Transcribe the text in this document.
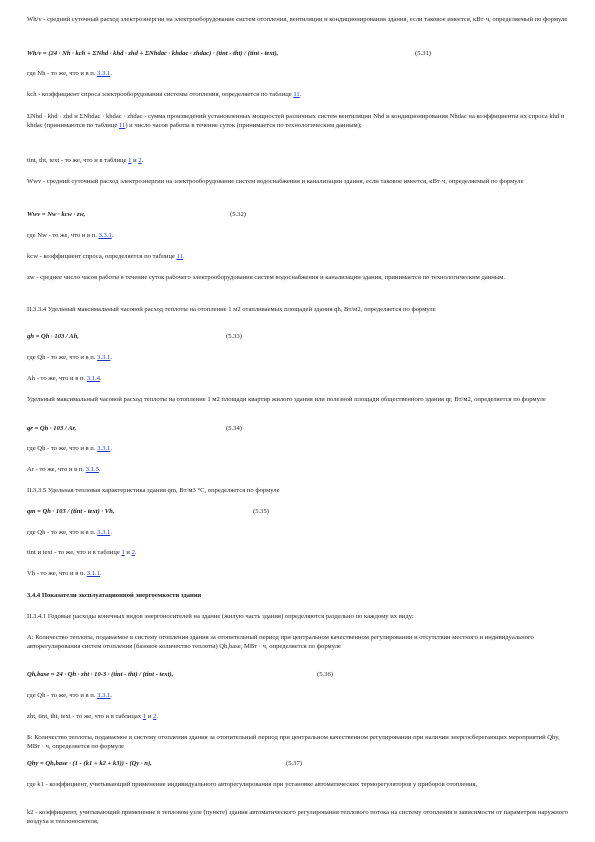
Wh/v - средний суточный расход электроэнергии на электрооборудование систем отопления, вентиляции и кондиционирования здания, если таковое имеется, кВт·ч, определяемый по формуле

Wh/v = (24 · Nh · kch + ΣNhd · khd · zhd + ΣNhdac · khdac · zhdac) · (tint - tht) / (tint - text),	(5.31)

где Nh - то же, что и в п. 3.3.1.

kch - коэффициент спроса электрооборудования системы отопления, определяется по таблице 11.

ΣNhd · khd · zhd и ΣNhdac · khdac · zhdac - сумма произведений установленных мощностей различных систем вентиляции Nhd и кондиционирования Nhdac на коэффициенты их спроса khd и khdac (принимаются по таблице 11) и число часов работы в течение суток (принимается по технологическим данным);

tint, tht, text - то же, что и в таблице 1 и 2.

Wwv - средний суточный расход электроэнергии на электрооборудование систем водоснабжения и канализации здания, если таковое имеется, кВт·ч, определяемый по формуле

Wwv = Nw · kcw · zw,	(5.32)

где Nw - то же, что и в п. 3.3.1.

kcw - коэффициент спроса, определяется по таблице 11.

zw - среднее число часов работы в течение суток рабочего электрооборудования систем водоснабжения и канализации здания, принимается по технологическим данным.

II.3.3.4 Удельный максимальный часовой расход теплоты на отопление 1 м2 отапливаемых площадей здания qh, Вт/м2, определяется по формуле

qh = Qh · 103 / Ah,	(5.33)

где Qh - то же, что и в п. 3.3.1.

Ah - то же, что и в п. 3.1.4.

Удельный максимальный часовой расход теплоты на отопление 1 м2 площади квартир жилого здания или полезной площади общественного здания qr, Вт/м2, определяется по формуле

qr = Qh · 103 / Ar,	(5.34)

где Qh - то же, что и в п. 3.3.1.

Ar - то же, что и в п. 3.1.5.

II.3.3.5 Удельная тепловая характеристика здания qm, Вт/м3 °С, определяется по формуле

qm = Qh · 103 / (tint - text) · Vh,	(5.35)

где Qh - то же, что и в п. 3.3.1.

tint и text - то же, что и в таблице 1 и 2.

Vh - то же, что и в п. 3.1.1.

3.4.4 Показатели эксплуатационной энергоемкости здания

II.3.4.1 Годовые расходы конечных видов энергоносителей на здание (жилую часть здания) определяются раздельно по каждому их виду:

А: Количество теплоты, подаваемое в систему отопления здания за отопительный период при центральном качественном регулировании и отсутствии местного и индивидуального авторегулирования систем отопления (базовое количество теплоты) Qh,base, МВт · ч, определяется по формуле

Qh,base = 24 · Qh · zht · 10-3 · (tint - tht) / (tint - text),	(5.36)

где Qh - то же, что и в п. 3.3.1.

zht, tint, tht, text - то же, что и в таблицах 1 и 2.

Б: Количество теплоты, подаваемое в систему отопления здания за отопительный период при центральном качественном регулировании при наличии энергосберегающих мероприятий Qhy, МВт · ч, определяется по формуле

Qhy = Qh,base · (1 - (k1 + k2 + k3)) - (Qy · n),	(5.37)

где k1 - коэффициент, учитывающий применение индивидуального авторегулирования при установке автоматических терморегуляторов у приборов отопления,

k2 - коэффициент, учитывающий применение в тепловом узле (пункте) здания автоматического регулирования теплового потока на систему отопления в зависимости от параметров наружного воздуха и теплоносителя,
